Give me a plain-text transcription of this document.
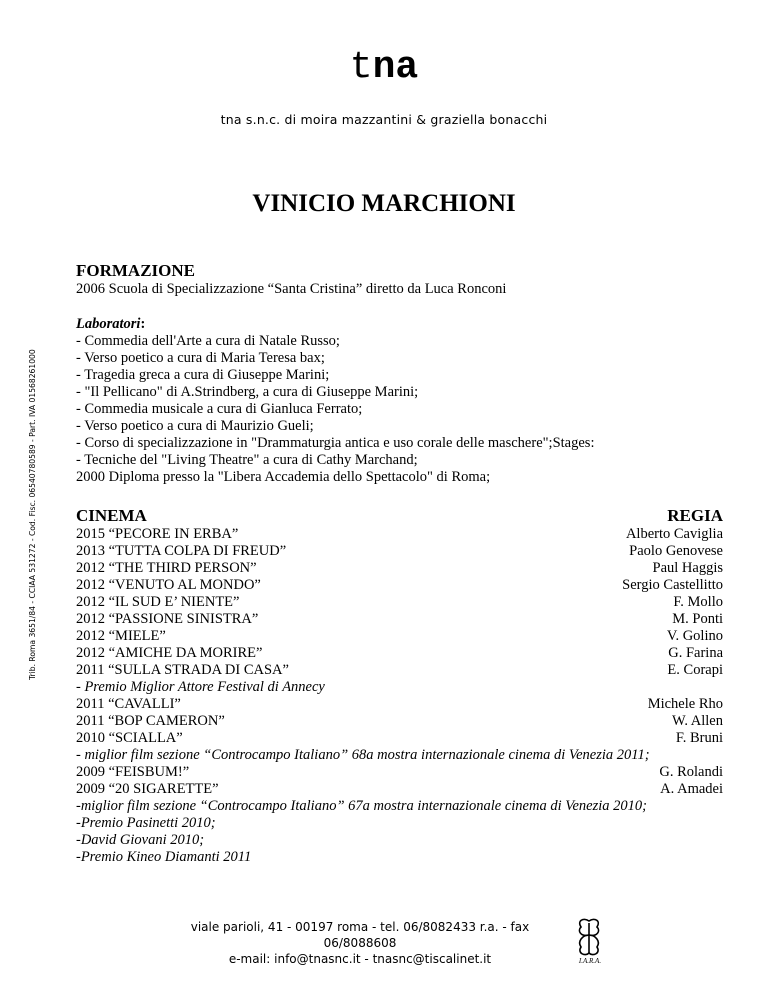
tna
tna s.n.c. di moira mazzantini & graziella bonacchi
Trib. Roma 3651/84 - CCIAA 531272 - Cod. Fisc. 06540780589 - Part. IVA 01568261000
VINICIO MARCHIONI
FORMAZIONE
2006 Scuola di Specializzazione “Santa Cristina” diretto da Luca Ronconi
Laboratori:
- Commedia dell'Arte a cura di Natale Russo;
- Verso poetico a cura di Maria Teresa bax;
- Tragedia greca a cura di Giuseppe Marini;
- "Il Pellicano" di A.Strindberg, a cura di Giuseppe Marini;
- Commedia musicale a cura di Gianluca Ferrato;
- Verso poetico a cura di Maurizio Gueli;
- Corso di specializzazione in "Drammaturgia antica e uso corale delle maschere";Stages:
- Tecniche del "Living Theatre" a cura di Cathy Marchand;
2000 Diploma presso la "Libera Accademia dello Spettacolo" di Roma;
CINEMA	REGIA
2015 “PECORE IN ERBA”	Alberto Caviglia
2013 “TUTTA COLPA DI FREUD”	Paolo Genovese
2012 “THE THIRD PERSON”	Paul Haggis
2012 “VENUTO AL MONDO”	Sergio Castellitto
2012 “IL SUD E’ NIENTE”	F. Mollo
2012 “PASSIONE SINISTRA”	M. Ponti
2012 “MIELE”	V. Golino
2012 “AMICHE DA MORIRE”	G. Farina
2011 “SULLA STRADA DI CASA”	E. Corapi
- Premio Miglior Attore Festival di Annecy
2011 “CAVALLI”	Michele Rho
2011 “BOP CAMERON”	W. Allen
2010 “SCIALLA”	F. Bruni
- miglior film sezione “Controcampo Italiano” 68a mostra internazionale cinema di Venezia 2011;
2009 “FEISBUM!”	G. Rolandi
2009 “20 SIGARETTE”	A. Amadei
-miglior film sezione “Controcampo Italiano” 67a mostra internazionale cinema di Venezia 2010;
-Premio Pasinetti 2010;
-David Giovani 2010;
-Premio Kineo Diamanti 2011
viale parioli, 41 - 00197 roma - tel. 06/8082433 r.a. - fax 06/8088608
e-mail: info@tnasnc.it - tnasnc@tiscalinet.it	I.A.R.A.
